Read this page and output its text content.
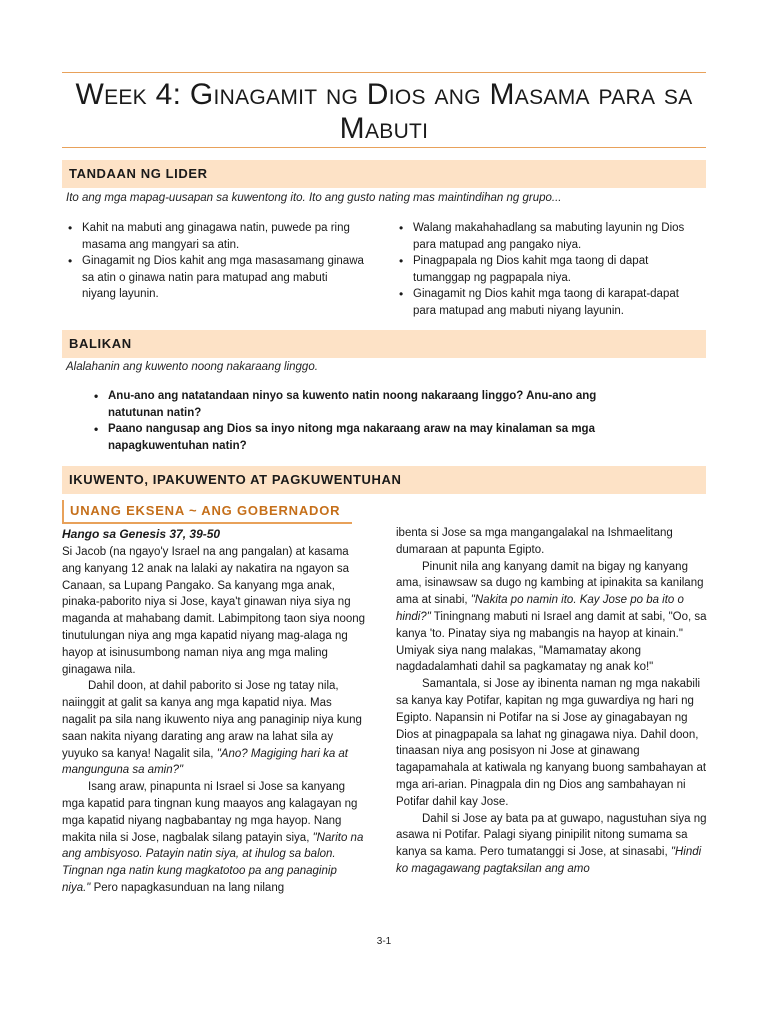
Week 4: Ginagamit ng Dios ang Masama para sa
Mabuti
TANDAAN NG LIDER
Ito ang mga mapag-uusapan sa kuwentong ito. Ito ang gusto nating mas maintindihan ng grupo...
• Kahit na mabuti ang ginagawa natin, puwede pa ring masama ang mangyari sa atin.
• Ginagamit ng Dios kahit ang mga masasamang ginawa sa atin o ginawa natin para matupad ang mabuti niyang layunin.
• Walang makahahadlang sa mabuting layunin ng Dios para matupad ang pangako niya.
• Pinagpapala ng Dios kahit mga taong di dapat tumanggap ng pagpapala niya.
• Ginagamit ng Dios kahit mga taong di karapat-dapat para matupad ang mabuti niyang layunin.
BALIKAN
Alalahanin ang kuwento noong nakaraang linggo.
• Anu-ano ang natatandaan ninyo sa kuwento natin noong nakaraang linggo? Anu-ano ang natutunan natin?
• Paano nangusap ang Dios sa inyo nitong mga nakaraang araw na may kinalaman sa mga napagkuwentuhan natin?
IKUWENTO, IPAKUWENTO AT PAGKUWENTUHAN
UNANG EKSENA ~ ANG GOBERNADOR
Hango sa Genesis 37, 39-50

Si Jacob (na ngayo'y Israel na ang pangalan) at kasama ang kanyang 12 anak na lalaki ay nakatira na ngayon sa Canaan, sa Lupang Pangako. Sa kanyang mga anak, pinaka-paborito niya si Jose, kaya't ginawan niya siya ng maganda at mahabang damit. Labimpitong taon siya noong tinutulungan niya ang mga kapatid niyang mag-alaga ng hayop at isinusumbong naman niya ang mga maling ginagawa nila.

Dahil doon, at dahil paborito si Jose ng tatay nila, naiinggit at galit sa kanya ang mga kapatid niya. Mas nagalit pa sila nang ikuwento niya ang panaginip niya kung saan nakita niyang darating ang araw na lahat sila ay yuyuko sa kanya! Nagalit sila, "Ano? Magiging hari ka at mangunguna sa amin?"

Isang araw, pinapunta ni Israel si Jose sa kanyang mga kapatid para tingnan kung maayos ang kalagayan ng mga kapatid niyang nagbabantay ng mga hayop. Nang makita nila si Jose, nagbalak silang patayin siya, "Narito na ang ambisyoso. Patayin natin siya, at ihulog sa balon. Tingnan nga natin kung magkatotoo pa ang panaginip niya." Pero napagkasunduan na lang nilang

ibenta si Jose sa mga mangangalakal na Ishmaelitang dumaraan at papunta Egipto.

Pinunit nila ang kanyang damit na bigay ng kanyang ama, isinawsaw sa dugo ng kambing at ipinakita sa kanilang ama at sinabi, "Nakita po namin ito. Kay Jose po ba ito o hindi?" Tiningnang mabuti ni Israel ang damit at sabi, "Oo, sa kanya 'to. Pinatay siya ng mabangis na hayop at kinain." Umiyak siya nang malakas, "Mamamatay akong nagdadalamhati dahil sa pagkamatay ng anak ko!"

Samantala, si Jose ay ibinenta naman ng mga nakabili sa kanya kay Potifar, kapitan ng mga guwardiya ng hari ng Egipto. Napansin ni Potifar na si Jose ay ginagabayan ng Dios at pinagpapala sa lahat ng ginagawa niya. Dahil doon, tinaasan niya ang posisyon ni Jose at ginawang tagapamahala at katiwala ng kanyang buong sambahayan at mga ari-arian. Pinagpala din ng Dios ang sambahayan ni Potifar dahil kay Jose.

Dahil si Jose ay bata pa at guwapo, nagustuhan siya ng asawa ni Potifar. Palagi siyang pinipilit nitong sumama sa kanya sa kama. Pero tumatanggi si Jose, at sinasabi, "Hindi ko magagawang pagtaksilan ang amo

3-1
